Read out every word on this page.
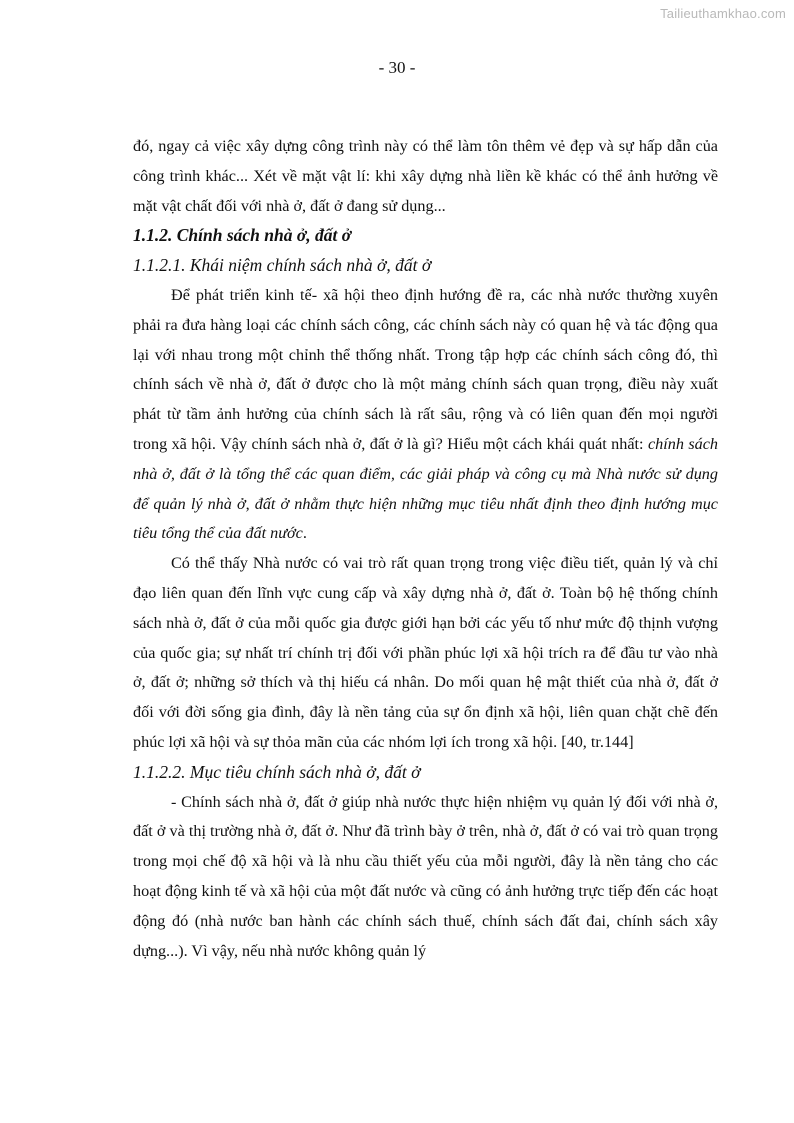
Tailieuthamkhao.com
- 30 -

đó, ngay cả việc xây dựng công trình này có thể làm tôn thêm vẻ đẹp và sự hấp dẫn của công trình khác... Xét về mặt vật lí: khi xây dựng nhà liền kề khác có thể ảnh hưởng về mặt vật chất đối với nhà ở, đất ở đang sử dụng...

1.1.2. Chính sách nhà ở, đất ở

1.1.2.1. Khái niệm chính sách nhà ở, đất ở

Để phát triển kinh tế- xã hội theo định hướng đề ra, các nhà nước thường xuyên phải ra đưa hàng loại các chính sách công, các chính sách này có quan hệ và tác động qua lại với nhau trong một chỉnh thể thống nhất. Trong tập hợp các chính sách công đó, thì chính sách về nhà ở, đất ở được cho là một mảng chính sách quan trọng, điều này xuất phát từ tầm ảnh hưởng của chính sách là rất sâu, rộng và có liên quan đến mọi người trong xã hội. Vậy chính sách nhà ở, đất ở là gì? Hiểu một cách khái quát nhất: chính sách nhà ở, đất ở là tổng thể các quan điểm, các giải pháp và công cụ mà Nhà nước sử dụng để quản lý nhà ở, đất ở nhằm thực hiện những mục tiêu nhất định theo định hướng mục tiêu tổng thể của đất nước.

Có thể thấy Nhà nước có vai trò rất quan trọng trong việc điều tiết, quản lý và chỉ đạo liên quan đến lĩnh vực cung cấp và xây dựng nhà ở, đất ở. Toàn bộ hệ thống chính sách nhà ở, đất ở của mỗi quốc gia được giới hạn bởi các yếu tố như mức độ thịnh vượng của quốc gia; sự nhất trí chính trị đối với phần phúc lợi xã hội trích ra để đầu tư vào nhà ở, đất ở; những sở thích và thị hiếu cá nhân. Do mối quan hệ mật thiết của nhà ở, đất ở đối với đời sống gia đình, đây là nền tảng của sự ổn định xã hội, liên quan chặt chẽ đến phúc lợi xã hội và sự thỏa mãn của các nhóm lợi ích trong xã hội. [40, tr.144]

1.1.2.2. Mục tiêu chính sách nhà ở, đất ở

- Chính sách nhà ở, đất ở giúp nhà nước thực hiện nhiệm vụ quản lý đối với nhà ở, đất ở và thị trường nhà ở, đất ở. Như đã trình bày ở trên, nhà ở, đất ở có vai trò quan trọng trong mọi chế độ xã hội và là nhu cầu thiết yếu của mỗi người, đây là nền tảng cho các hoạt động kinh tế và xã hội của một đất nước và cũng có ảnh hưởng trực tiếp đến các hoạt động đó (nhà nước ban hành các chính sách thuế, chính sách đất đai, chính sách xây dựng...). Vì vậy, nếu nhà nước không quản lý
